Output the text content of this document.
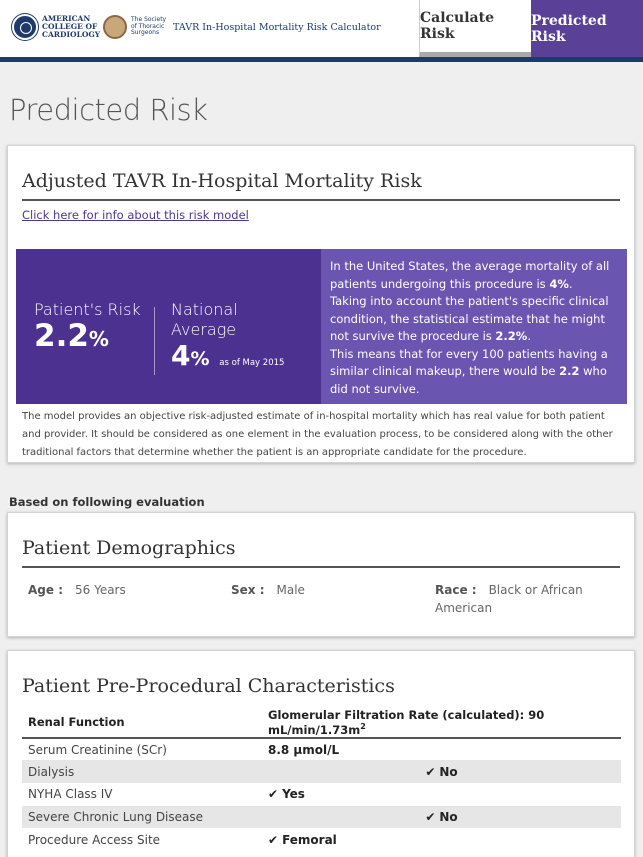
AMERICAN
COLLEGE OF
CARDIOLOGY
The Society
of Thoracic
Surgeons	TAVR In-Hospital Mortality Risk Calculator
Calculate Risk
Predicted Risk
Predicted Risk
Adjusted TAVR In-Hospital Mortality Risk
Click here for info about this risk model
Patient's Risk
2.2%
National Average
4% as of May 2015
In the United States, the average mortality of all patients undergoing this procedure is 4%.
Taking into account the patient's specific clinical condition, the statistical estimate that he might not survive the procedure is 2.2%.
This means that for every 100 patients having a similar clinical makeup, there would be 2.2 who did not survive.
The model provides an objective risk-adjusted estimate of in-hospital mortality which has real value for both patient and provider. It should be considered as one element in the evaluation process, to be considered along with the other traditional factors that determine whether the patient is an appropriate candidate for the procedure.
Based on following evaluation
Patient Demographics
Age : 56 Years	Sex : Male	Race : Black or African American
Patient Pre-Procedural Characteristics
Renal Function	Glomerular Filtration Rate (calculated): 90 $mL/\min/1.73m^2$
Serum Creatinine (SCr)	8.8 µmol/L
Dialysis	✔ No
NYHA Class IV	✔ Yes
Severe Chronic Lung Disease	✔ No
Procedure Access Site	✔ Femoral
